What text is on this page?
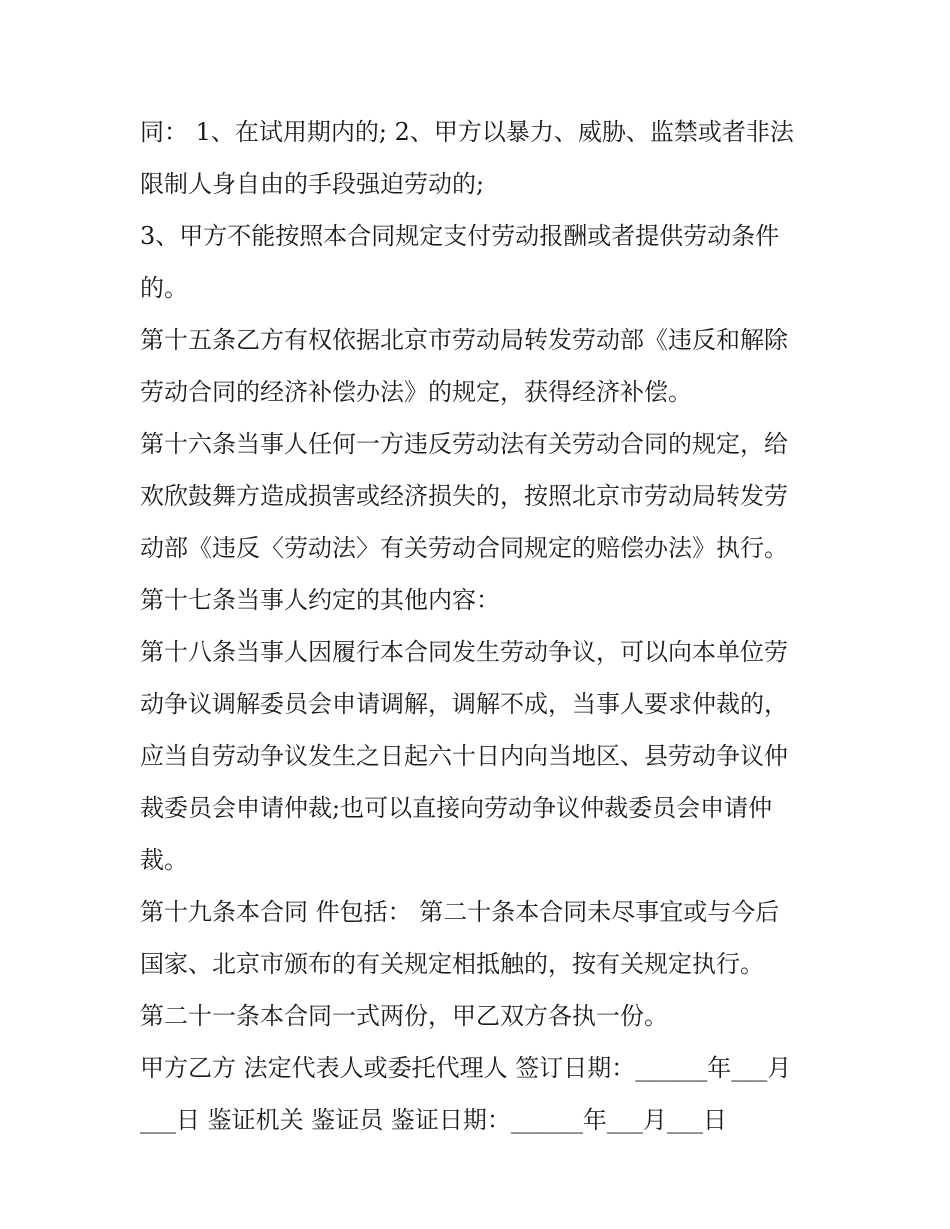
同： 1、在试用期内的; 2、甲方以暴力、威胁、监禁或者非法
限制人身自由的手段强迫劳动的;
3、甲方不能按照本合同规定支付劳动报酬或者提供劳动条件
的。
第十五条乙方有权依据北京市劳动局转发劳动部《违反和解除
劳动合同的经济补偿办法》的规定，获得经济补偿。
第十六条当事人任何一方违反劳动法有关劳动合同的规定，给
欢欣鼓舞方造成损害或经济损失的，按照北京市劳动局转发劳
动部《违反〈劳动法〉有关劳动合同规定的赔偿办法》执行。
第十七条当事人约定的其他内容：
第十八条当事人因履行本合同发生劳动争议，可以向本单位劳
动争议调解委员会申请调解，调解不成，当事人要求仲裁的，
应当自劳动争议发生之日起六十日内向当地区、县劳动争议仲
裁委员会申请仲裁;也可以直接向劳动争议仲裁委员会申请仲
裁。
第十九条本合同 件包括： 第二十条本合同未尽事宜或与今后
国家、北京市颁布的有关规定相抵触的，按有关规定执行。
第二十一条本合同一式两份，甲乙双方各执一份。
甲方乙方 法定代表人或委托代理人 签订日期：______年___月
___日 鉴证机关 鉴证员 鉴证日期：______年___月___日
